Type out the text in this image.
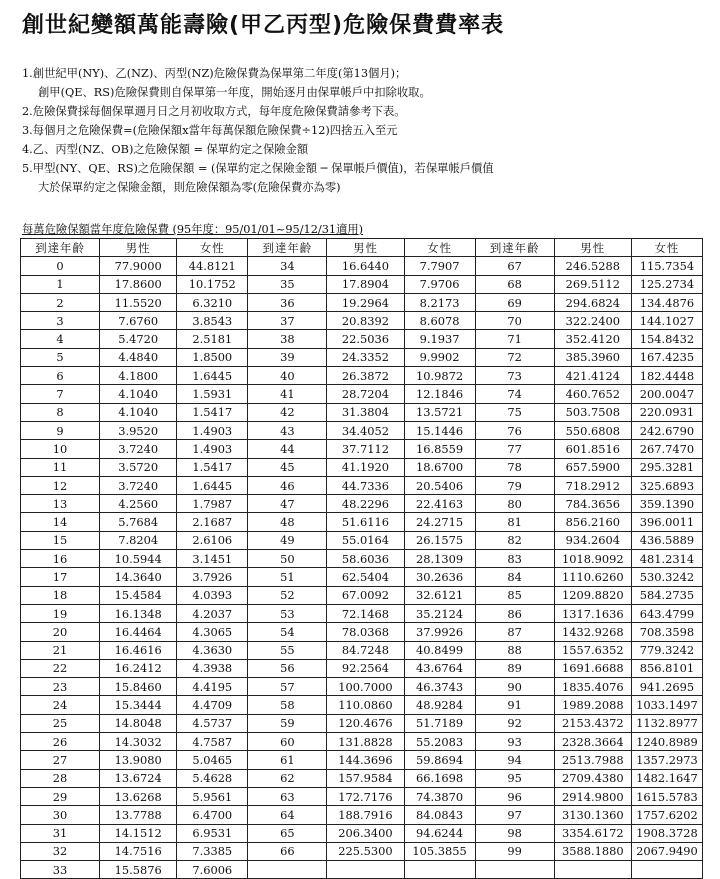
創世紀變額萬能壽險(甲乙丙型)危險保費費率表
1.創世紀甲(NY)、乙(NZ)、丙型(NZ)危險保費為保單第二年度(第13個月)；
創甲(QE、RS)危險保費則自保單第一年度，開始逐月由保單帳戶中扣除收取。
2.危險保費採每個保單週月日之月初收取方式，每年度危險保費請參考下表。
3.每個月之危險保費=(危險保額x當年每萬保額危險保費÷12)四捨五入至元
4.乙、丙型(NZ、OB)之危險保額 = 保單約定之保險金額
5.甲型(NY、QE、RS)之危險保額 = (保單約定之保險金額 ─ 保單帳戶價值)，若保單帳戶價值
大於保單約定之保險金額，則危險保額為零(危險保費亦為零)
每萬危險保額當年度危險保費 (95年度：95/01/01~95/12/31適用)
到達年齡	男性	女性	到達年齡	男性	女性	到達年齡	男性	女性
0	77.9000	44.8121	34	16.6440	7.7907	67	246.5288	115.7354
1	17.8600	10.1752	35	17.8904	7.9706	68	269.5112	125.2734
2	11.5520	6.3210	36	19.2964	8.2173	69	294.6824	134.4876
3	7.6760	3.8543	37	20.8392	8.6078	70	322.2400	144.1027
4	5.4720	2.5181	38	22.5036	9.1937	71	352.4120	154.8432
5	4.4840	1.8500	39	24.3352	9.9902	72	385.3960	167.4235
6	4.1800	1.6445	40	26.3872	10.9872	73	421.4124	182.4448
7	4.1040	1.5931	41	28.7204	12.1846	74	460.7652	200.0047
8	4.1040	1.5417	42	31.3804	13.5721	75	503.7508	220.0931
9	3.9520	1.4903	43	34.4052	15.1446	76	550.6808	242.6790
10	3.7240	1.4903	44	37.7112	16.8559	77	601.8516	267.7470
11	3.5720	1.5417	45	41.1920	18.6700	78	657.5900	295.3281
12	3.7240	1.6445	46	44.7336	20.5406	79	718.2912	325.6893
13	4.2560	1.7987	47	48.2296	22.4163	80	784.3656	359.1390
14	5.7684	2.1687	48	51.6116	24.2715	81	856.2160	396.0011
15	7.8204	2.6106	49	55.0164	26.1575	82	934.2604	436.5889
16	10.5944	3.1451	50	58.6036	28.1309	83	1018.9092	481.2314
17	14.3640	3.7926	51	62.5404	30.2636	84	1110.6260	530.3242
18	15.4584	4.0393	52	67.0092	32.6121	85	1209.8820	584.2735
19	16.1348	4.2037	53	72.1468	35.2124	86	1317.1636	643.4799
20	16.4464	4.3065	54	78.0368	37.9926	87	1432.9268	708.3598
21	16.4616	4.3630	55	84.7248	40.8499	88	1557.6352	779.3242
22	16.2412	4.3938	56	92.2564	43.6764	89	1691.6688	856.8101
23	15.8460	4.4195	57	100.7000	46.3743	90	1835.4076	941.2695
24	15.3444	4.4709	58	110.0860	48.9284	91	1989.2088	1033.1497
25	14.8048	4.5737	59	120.4676	51.7189	92	2153.4372	1132.8977
26	14.3032	4.7587	60	131.8828	55.2083	93	2328.3664	1240.8989
27	13.9080	5.0465	61	144.3696	59.8694	94	2513.7988	1357.2973
28	13.6724	5.4628	62	157.9584	66.1698	95	2709.4380	1482.1647
29	13.6268	5.9561	63	172.7176	74.3870	96	2914.9800	1615.5783
30	13.7788	6.4700	64	188.7916	84.0843	97	3130.1360	1757.6202
31	14.1512	6.9531	65	206.3400	94.6244	98	3354.6172	1908.3728
32	14.7516	7.3385	66	225.5300	105.3855	99	3588.1880	2067.9490
33	15.5876	7.6006						
